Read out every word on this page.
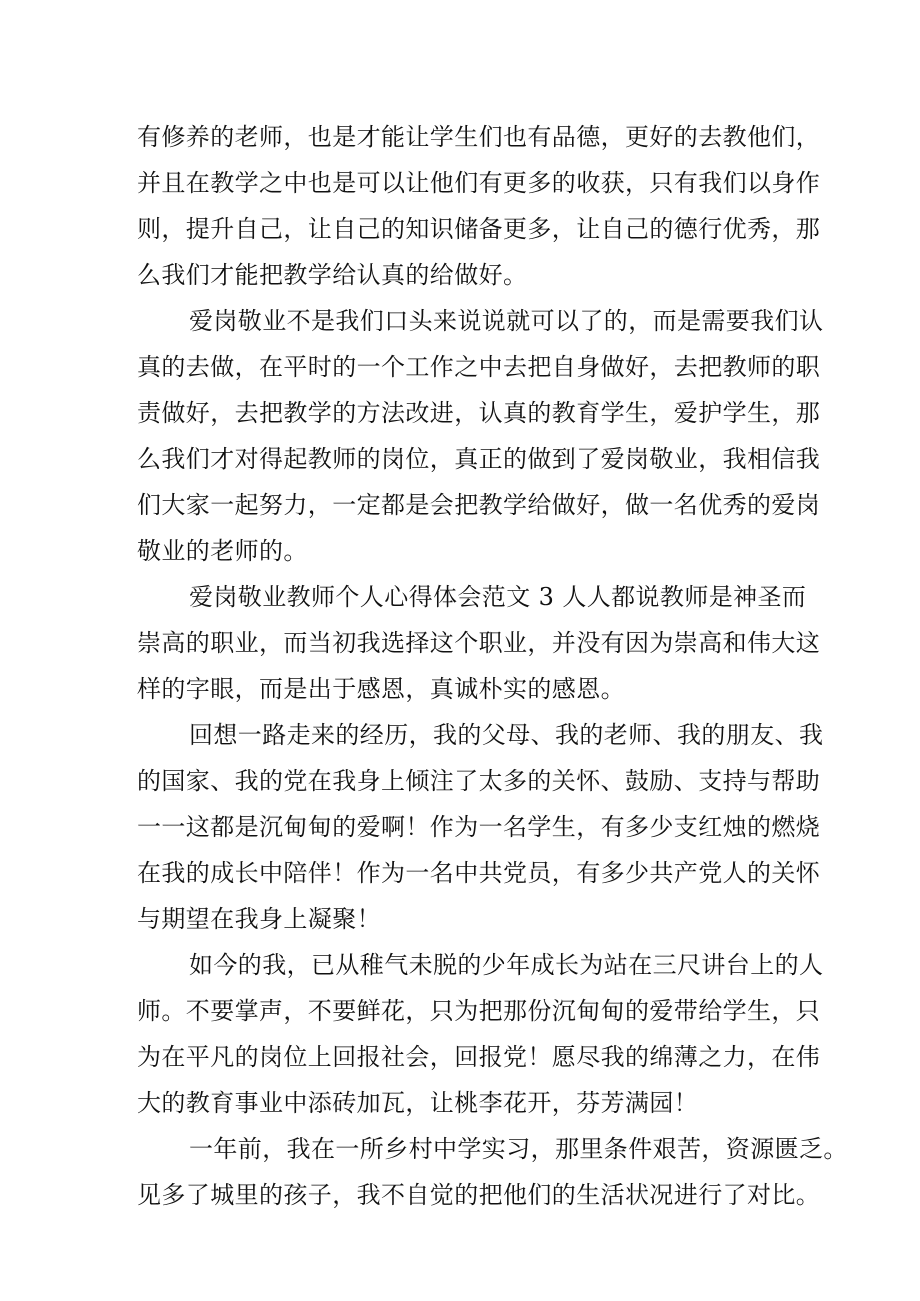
有修养的老师，也是才能让学生们也有品德，更好的去教他们，
并且在教学之中也是可以让他们有更多的收获，只有我们以身作
则，提升自己，让自己的知识储备更多，让自己的德行优秀，那
么我们才能把教学给认真的给做好。

爱岗敬业不是我们口头来说说就可以了的，而是需要我们认
真的去做，在平时的一个工作之中去把自身做好，去把教师的职
责做好，去把教学的方法改进，认真的教育学生，爱护学生，那
么我们才对得起教师的岗位，真正的做到了爱岗敬业，我相信我
们大家一起努力，一定都是会把教学给做好，做一名优秀的爱岗
敬业的老师的。

爱岗敬业教师个人心得体会范文 3 人人都说教师是神圣而
崇高的职业，而当初我选择这个职业，并没有因为崇高和伟大这
样的字眼，而是出于感恩，真诚朴实的感恩。

回想一路走来的经历，我的父母、我的老师、我的朋友、我
的国家、我的党在我身上倾注了太多的关怀、鼓励、支持与帮助
一一这都是沉甸甸的爱啊！作为一名学生，有多少支红烛的燃烧
在我的成长中陪伴！作为一名中共党员，有多少共产党人的关怀
与期望在我身上凝聚！

如今的我，已从稚气未脱的少年成长为站在三尺讲台上的人
师。不要掌声，不要鲜花，只为把那份沉甸甸的爱带给学生，只
为在平凡的岗位上回报社会，回报党！愿尽我的绵薄之力，在伟
大的教育事业中添砖加瓦，让桃李花开，芬芳满园！

一年前，我在一所乡村中学实习，那里条件艰苦，资源匮乏。
见多了城里的孩子，我不自觉的把他们的生活状况进行了对比。
